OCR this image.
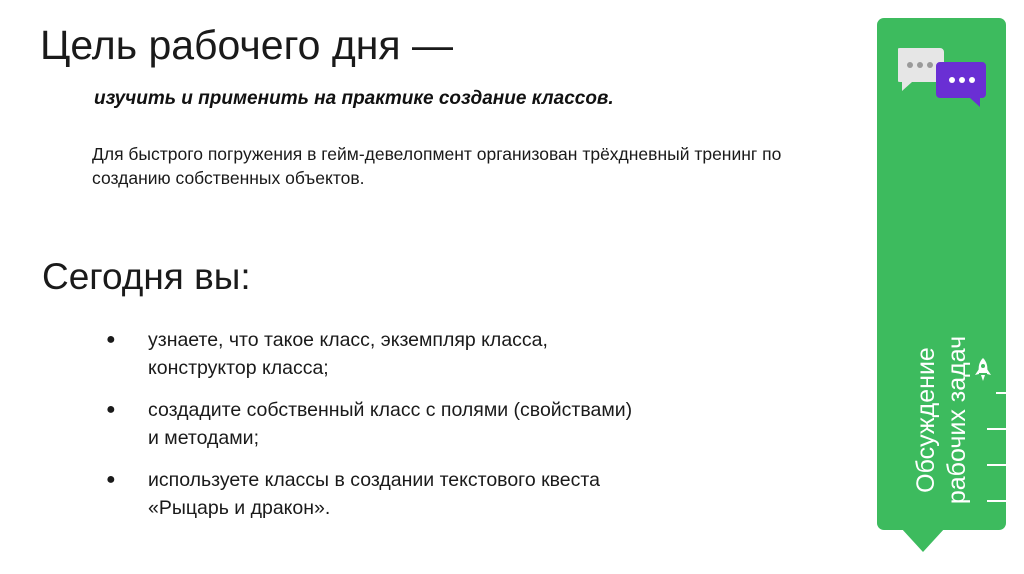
Цель рабочего дня —
изучить и применить на практике создание классов.
Для быстрого погружения в гейм-девелопмент организован трёхдневный тренинг по созданию собственных объектов.
Сегодня вы:
● узнаете, что такое класс, экземпляр класса,
конструктор класса;
● создадите собственный класс с полями (свойствами)
и методами;
● используете классы в создании текстового квеста
«Рыцарь и дракон».
Обсуждение рабочих задач
